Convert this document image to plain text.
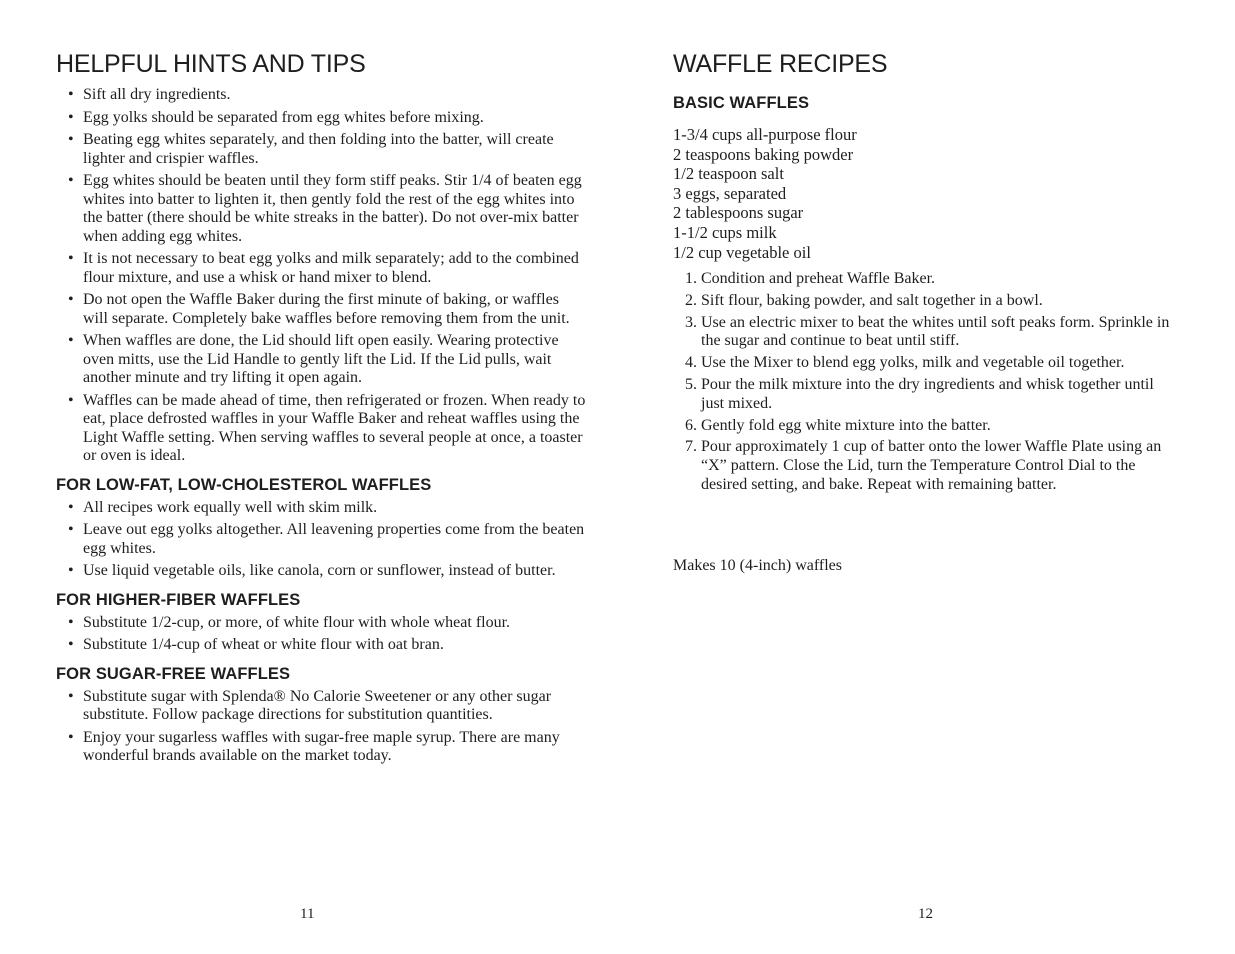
HELPFUL HINTS AND TIPS
• Sift all dry ingredients.
• Egg yolks should be separated from egg whites before mixing.
• Beating egg whites separately, and then folding into the batter, will create lighter and crispier waffles.
• Egg whites should be beaten until they form stiff peaks. Stir 1/4 of beaten egg whites into batter to lighten it, then gently fold the rest of the egg whites into the batter (there should be white streaks in the batter). Do not over-mix batter when adding egg whites.
• It is not necessary to beat egg yolks and milk separately; add to the combined flour mixture, and use a whisk or hand mixer to blend.
• Do not open the Waffle Baker during the first minute of baking, or waffles will separate. Completely bake waffles before removing them from the unit.
• When waffles are done, the Lid should lift open easily. Wearing protective oven mitts, use the Lid Handle to gently lift the Lid. If the Lid pulls, wait another minute and try lifting it open again.
• Waffles can be made ahead of time, then refrigerated or frozen. When ready to eat, place defrosted waffles in your Waffle Baker and reheat waffles using the Light Waffle setting. When serving waffles to several people at once, a toaster or oven is ideal.
FOR LOW-FAT, LOW-CHOLESTEROL WAFFLES
• All recipes work equally well with skim milk.
• Leave out egg yolks altogether. All leavening properties come from the beaten egg whites.
• Use liquid vegetable oils, like canola, corn or sunflower, instead of butter.
FOR HIGHER-FIBER WAFFLES
• Substitute 1/2-cup, or more, of white flour with whole wheat flour.
• Substitute 1/4-cup of wheat or white flour with oat bran.
FOR SUGAR-FREE WAFFLES
• Substitute sugar with Splenda® No Calorie Sweetener or any other sugar substitute. Follow package directions for substitution quantities.
• Enjoy your sugarless waffles with sugar-free maple syrup. There are many wonderful brands available on the market today.
WAFFLE RECIPES
BASIC WAFFLES
1-3/4 cups all-purpose flour
2 teaspoons baking powder
1/2 teaspoon salt
3 eggs, separated
2 tablespoons sugar
1-1/2 cups milk
1/2 cup vegetable oil
1. Condition and preheat Waffle Baker.
2. Sift flour, baking powder, and salt together in a bowl.
3. Use an electric mixer to beat the whites until soft peaks form. Sprinkle in the sugar and continue to beat until stiff.
4. Use the Mixer to blend egg yolks, milk and vegetable oil together.
5. Pour the milk mixture into the dry ingredients and whisk together until just mixed.
6. Gently fold egg white mixture into the batter.
7. Pour approximately 1 cup of batter onto the lower Waffle Plate using an “X” pattern. Close the Lid, turn the Temperature Control Dial to the desired setting, and bake. Repeat with remaining batter.
Makes 10 (4-inch) waffles
11	12
